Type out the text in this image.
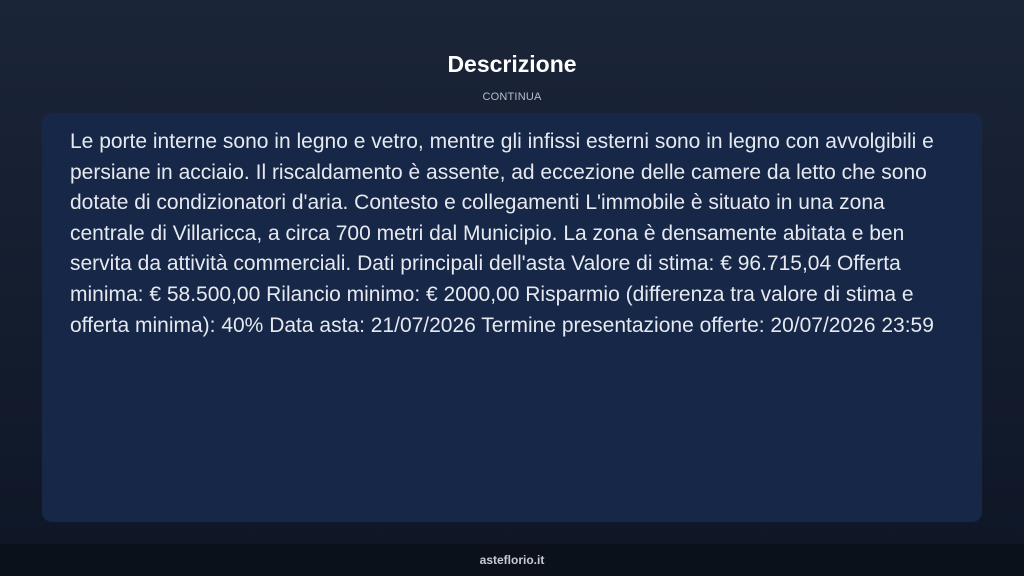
Descrizione
CONTINUA

Le porte interne sono in legno e vetro, mentre gli infissi esterni sono in legno con avvolgibili e persiane in acciaio. Il riscaldamento è assente, ad eccezione delle camere da letto che sono dotate di condizionatori d'aria. Contesto e collegamenti L'immobile è situato in una zona centrale di Villaricca, a circa 700 metri dal Municipio. La zona è densamente abitata e ben servita da attività commerciali. Dati principali dell'asta Valore di stima: € 96.715,04 Offerta minima: € 58.500,00 Rilancio minimo: € 2000,00 Risparmio (differenza tra valore di stima e offerta minima): 40% Data asta: 21/07/2026 Termine presentazione offerte: 20/07/2026 23:59

asteflorio.it
